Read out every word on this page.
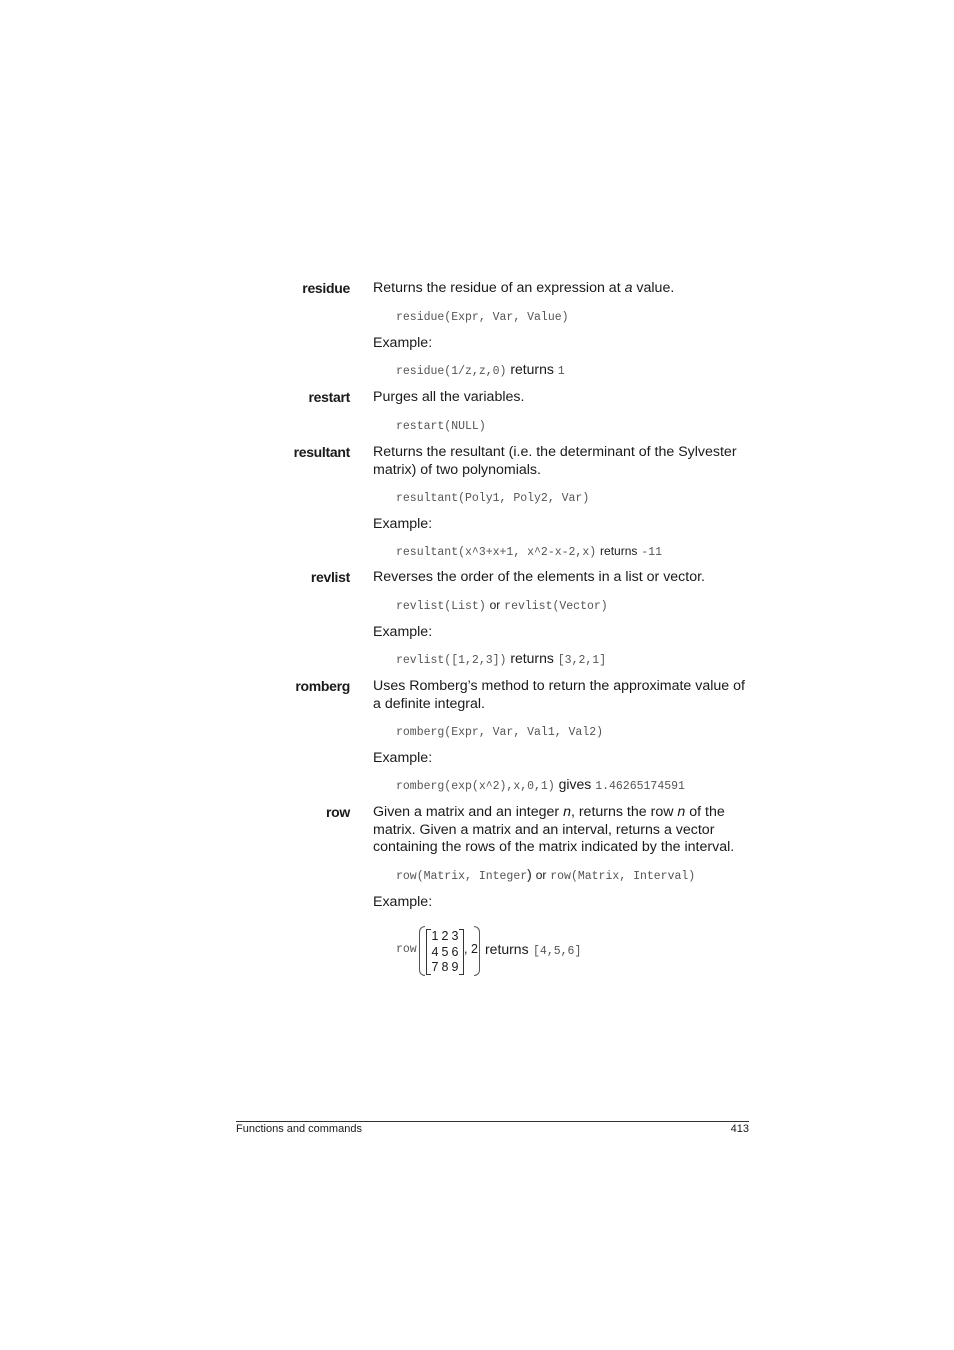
residue Returns the residue of an expression at a value.

residue(Expr, Var, Value)

Example:

residue(1/z,z,0) returns 1

restart Purges all the variables.

restart(NULL)

resultant Returns the resultant (i.e. the determinant of the Sylvester matrix) of two polynomials.

resultant(Poly1, Poly2, Var)

Example:

resultant(x^3+x+1, x^2-x-2,x) returns -11

revlist Reverses the order of the elements in a list or vector.

revlist(List) or revlist(Vector)

Example:

revlist([1,2,3]) returns [3,2,1]

romberg Uses Romberg’s method to return the approximate value of a definite integral.

romberg(Expr, Var, Val1, Val2)

Example:

romberg(exp(x^2),x,0,1) gives 1.46265174591

row Given a matrix and an integer n, returns the row n of the matrix. Given a matrix and an interval, returns a vector containing the rows of the matrix indicated by the interval.

row(Matrix, Integer) or row(Matrix, Interval)

Example:

row
1 2 3
4 5 6
7 8 9
, 2 returns [4,5,6]
Functions and commands	413
